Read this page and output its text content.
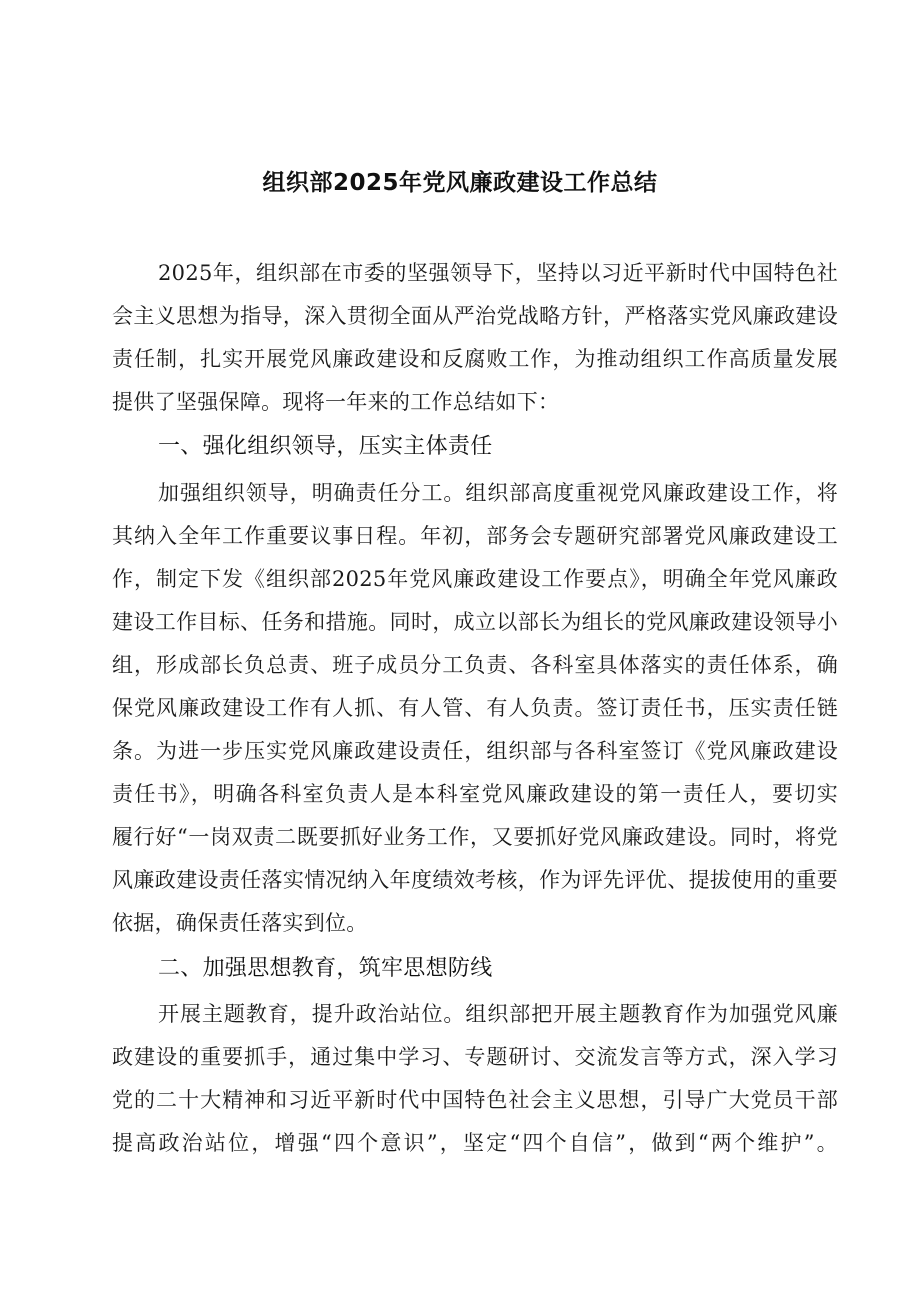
组织部2025年党风廉政建设工作总结
2025年，组织部在市委的坚强领导下，坚持以习近平新时代中国特色社
会主义思想为指导，深入贯彻全面从严治党战略方针，严格落实党风廉政建设
责任制，扎实开展党风廉政建设和反腐败工作，为推动组织工作高质量发展
提供了坚强保障。现将一年来的工作总结如下：
一、强化组织领导，压实主体责任
加强组织领导，明确责任分工。组织部高度重视党风廉政建设工作，将
其纳入全年工作重要议事日程。年初，部务会专题研究部署党风廉政建设工
作，制定下发《组织部2025年党风廉政建设工作要点》，明确全年党风廉政
建设工作目标、任务和措施。同时，成立以部长为组长的党风廉政建设领导小
组，形成部长负总责、班子成员分工负责、各科室具体落实的责任体系，确
保党风廉政建设工作有人抓、有人管、有人负责。签订责任书，压实责任链
条。为进一步压实党风廉政建设责任，组织部与各科室签订《党风廉政建设
责任书》，明确各科室负责人是本科室党风廉政建设的第一责任人，要切实
履行好“一岗双责二既要抓好业务工作，又要抓好党风廉政建设。同时，将党
风廉政建设责任落实情况纳入年度绩效考核，作为评先评优、提拔使用的重要
依据，确保责任落实到位。
二、加强思想教育，筑牢思想防线
开展主题教育，提升政治站位。组织部把开展主题教育作为加强党风廉
政建设的重要抓手，通过集中学习、专题研讨、交流发言等方式，深入学习
党的二十大精神和习近平新时代中国特色社会主义思想，引导广大党员干部
提高政治站位，增强“四个意识”，坚定“四个自信”，做到“两个维护”。
